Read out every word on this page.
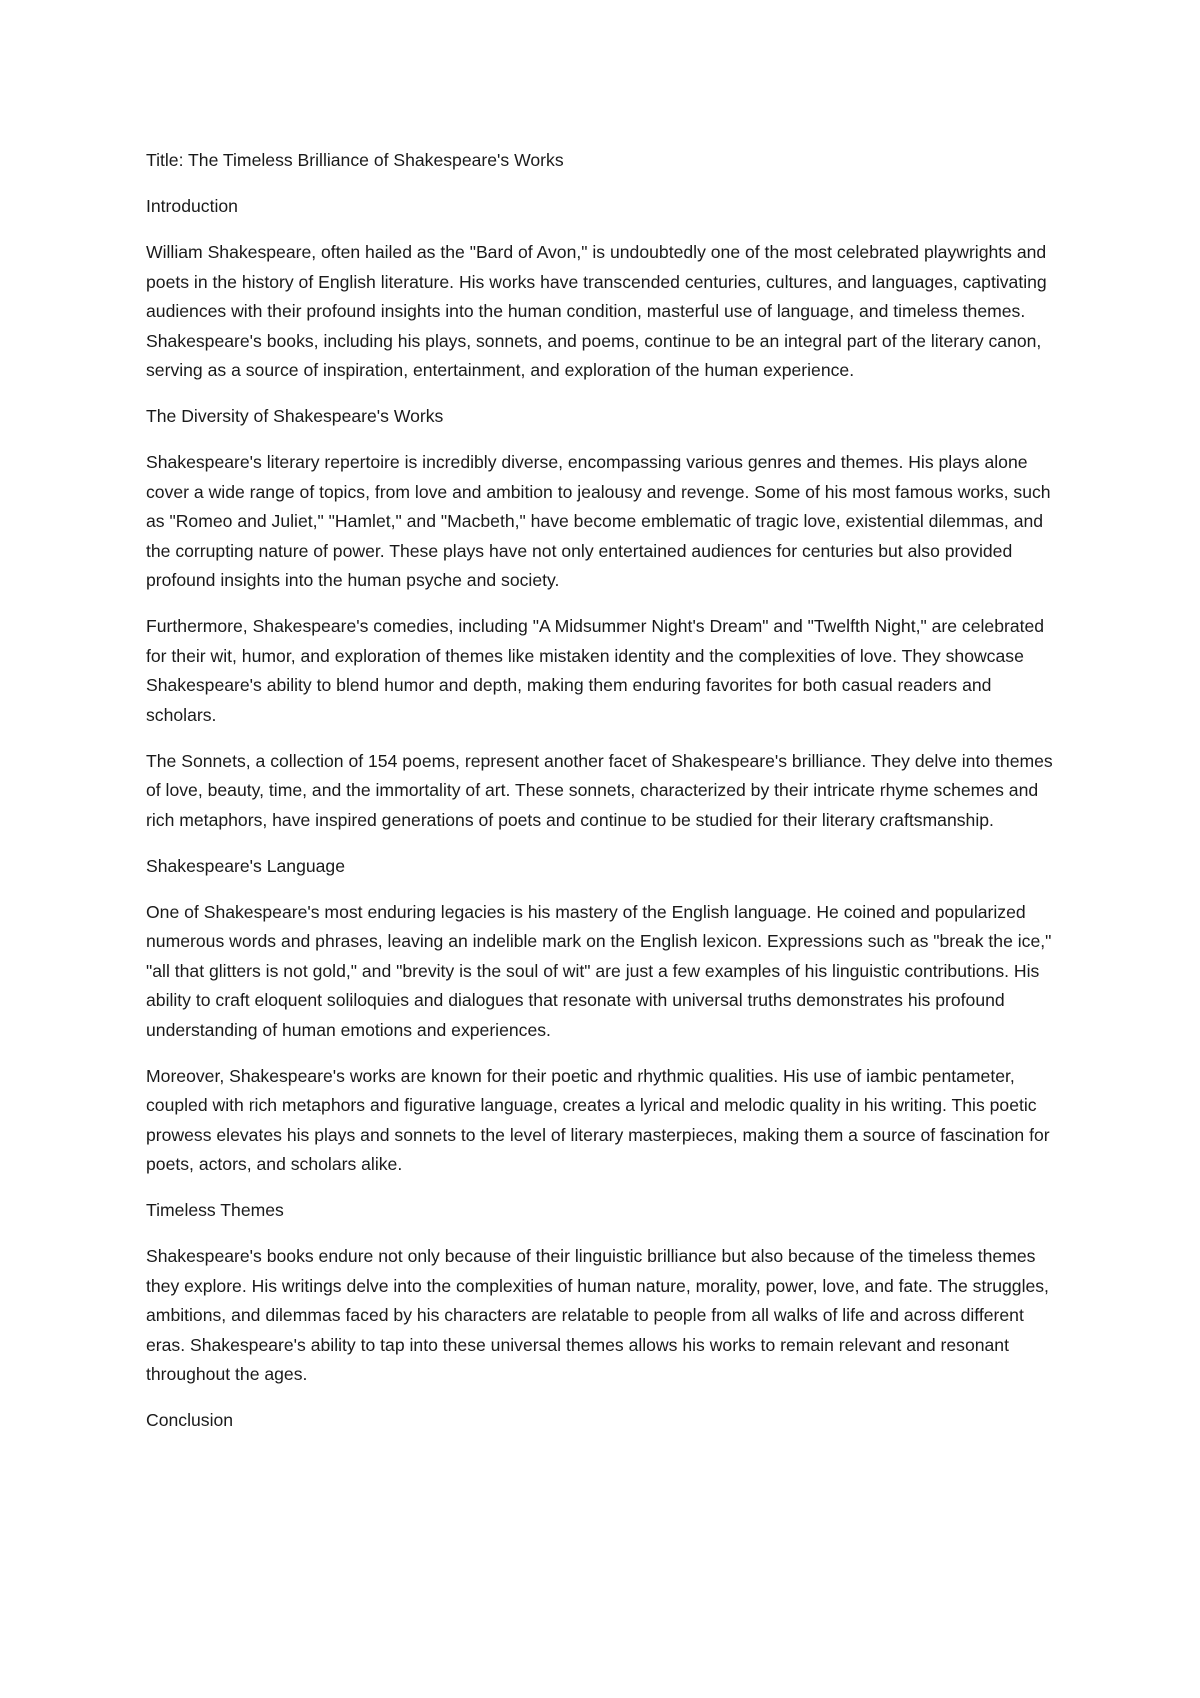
Title: The Timeless Brilliance of Shakespeare's Works

Introduction

William Shakespeare, often hailed as the "Bard of Avon," is undoubtedly one of the most celebrated playwrights and poets in the history of English literature. His works have transcended centuries, cultures, and languages, captivating audiences with their profound insights into the human condition, masterful use of language, and timeless themes. Shakespeare's books, including his plays, sonnets, and poems, continue to be an integral part of the literary canon, serving as a source of inspiration, entertainment, and exploration of the human experience.

The Diversity of Shakespeare's Works

Shakespeare's literary repertoire is incredibly diverse, encompassing various genres and themes. His plays alone cover a wide range of topics, from love and ambition to jealousy and revenge. Some of his most famous works, such as "Romeo and Juliet," "Hamlet," and "Macbeth," have become emblematic of tragic love, existential dilemmas, and the corrupting nature of power. These plays have not only entertained audiences for centuries but also provided profound insights into the human psyche and society.

Furthermore, Shakespeare's comedies, including "A Midsummer Night's Dream" and "Twelfth Night," are celebrated for their wit, humor, and exploration of themes like mistaken identity and the complexities of love. They showcase Shakespeare's ability to blend humor and depth, making them enduring favorites for both casual readers and scholars.

The Sonnets, a collection of 154 poems, represent another facet of Shakespeare's brilliance. They delve into themes of love, beauty, time, and the immortality of art. These sonnets, characterized by their intricate rhyme schemes and rich metaphors, have inspired generations of poets and continue to be studied for their literary craftsmanship.

Shakespeare's Language

One of Shakespeare's most enduring legacies is his mastery of the English language. He coined and popularized numerous words and phrases, leaving an indelible mark on the English lexicon. Expressions such as "break the ice," "all that glitters is not gold," and "brevity is the soul of wit" are just a few examples of his linguistic contributions. His ability to craft eloquent soliloquies and dialogues that resonate with universal truths demonstrates his profound understanding of human emotions and experiences.

Moreover, Shakespeare's works are known for their poetic and rhythmic qualities. His use of iambic pentameter, coupled with rich metaphors and figurative language, creates a lyrical and melodic quality in his writing. This poetic prowess elevates his plays and sonnets to the level of literary masterpieces, making them a source of fascination for poets, actors, and scholars alike.

Timeless Themes

Shakespeare's books endure not only because of their linguistic brilliance but also because of the timeless themes they explore. His writings delve into the complexities of human nature, morality, power, love, and fate. The struggles, ambitions, and dilemmas faced by his characters are relatable to people from all walks of life and across different eras. Shakespeare's ability to tap into these universal themes allows his works to remain relevant and resonant throughout the ages.

Conclusion
